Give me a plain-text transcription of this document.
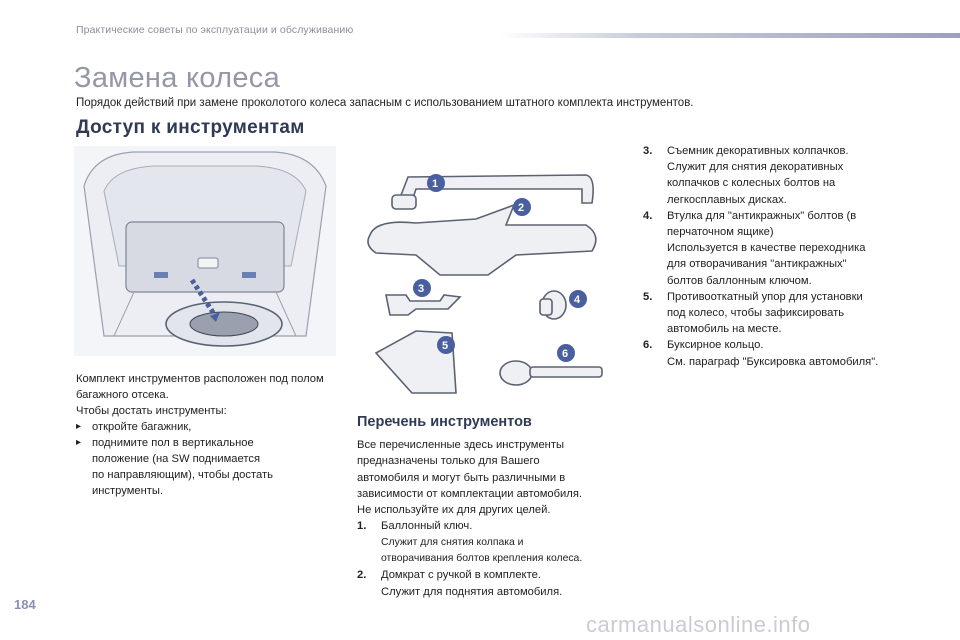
Практические советы по эксплуатации и обслуживанию
Замена колеса
Порядок действий при замене проколотого колеса запасным с использованием штатного комплекта инструментов.
Доступ к инструментам
1
2
3
4
5
6
Комплект инструментов расположен под полом багажного отсека.
Чтобы достать инструменты:
▸ откройте багажник,
▸ поднимите пол в вертикальное
положение (на SW поднимается
по направляющим), чтобы достать
инструменты.
Перечень инструментов
Все перечисленные здесь инструменты
предназначены только для Вашего
автомобиля и могут быть различными в
зависимости от комплектации автомобиля.
Не используйте их для других целей.
1. Баллонный ключ.
Служит для снятия колпака и
отворачивания болтов крепления колеса.
2. Домкрат с ручкой в комплекте.
Служит для поднятия автомобиля.
3. Съемник декоративных колпачков.
Служит для снятия декоративных
колпачков с колесных болтов на
легкосплавных дисках.
4. Втулка для "антикражных" болтов (в
перчаточном ящике)
Используется в качестве переходника
для отворачивания "антикражных"
болтов баллонным ключом.
5. Противооткатный упор для установки
под колесо, чтобы зафиксировать
автомобиль на месте.
6. Буксирное кольцо.
См. параграф "Буксировка автомобиля".
184
carmanualsonline.info
